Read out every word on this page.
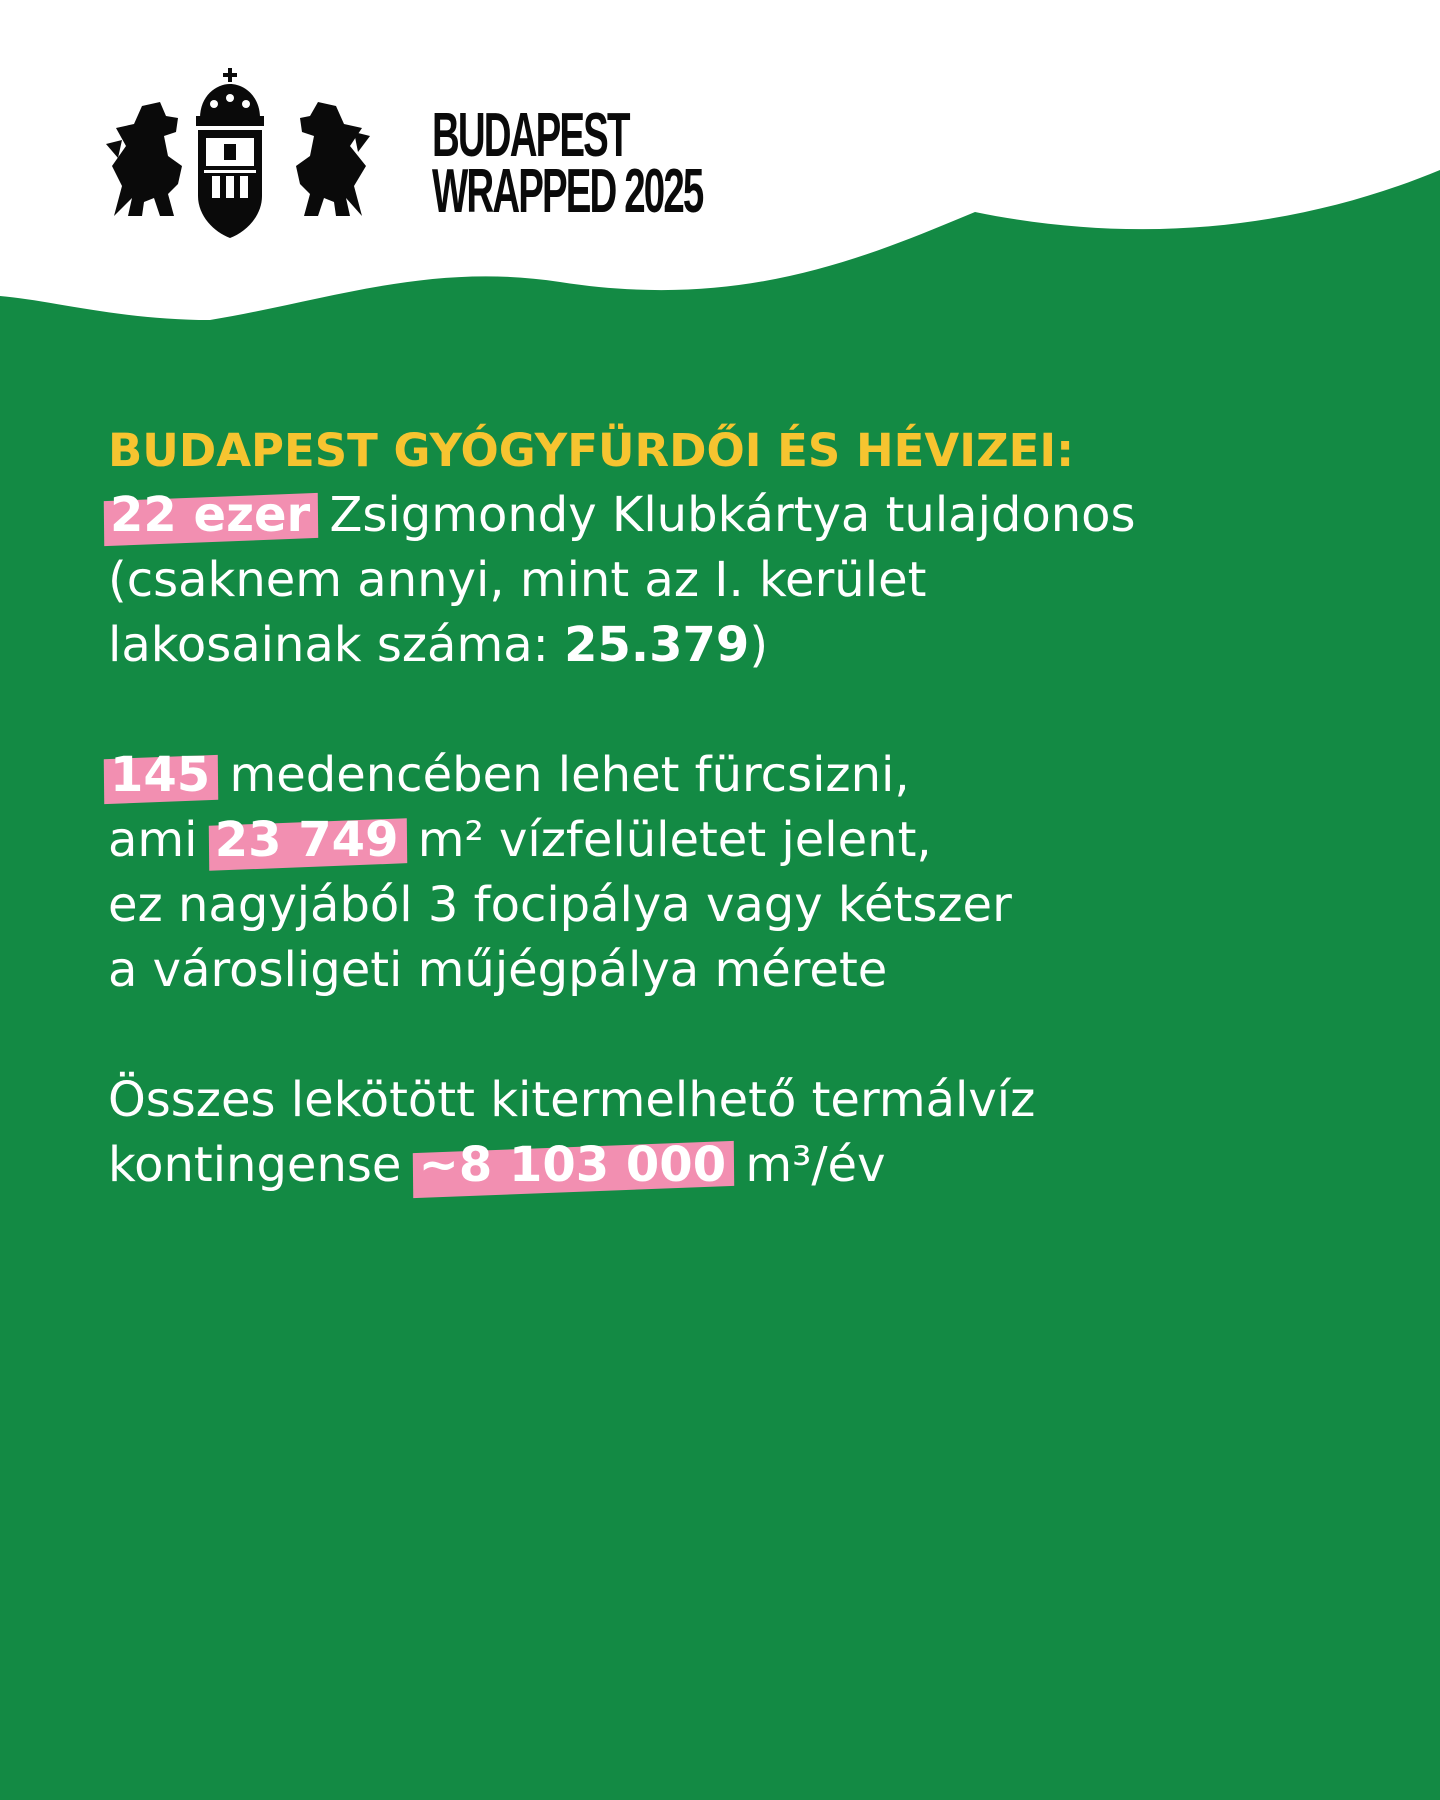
BUDAPEST
WRAPPED 2025
BUDAPEST GYÓGYFÜRDŐI ÉS HÉVIZEI:
22 ezer Zsigmondy Klubkártya tulajdonos
(csaknem annyi, mint az I. kerület
lakosainak száma: 25.379)
145 medencében lehet fürcsizni,
ami 23 749 m² vízfelületet jelent,
ez nagyjából 3 focipálya vagy kétszer
a városligeti műjégpálya mérete
Összes lekötött kitermelhető termálvíz
kontingense ~8 103 000 m³/év
